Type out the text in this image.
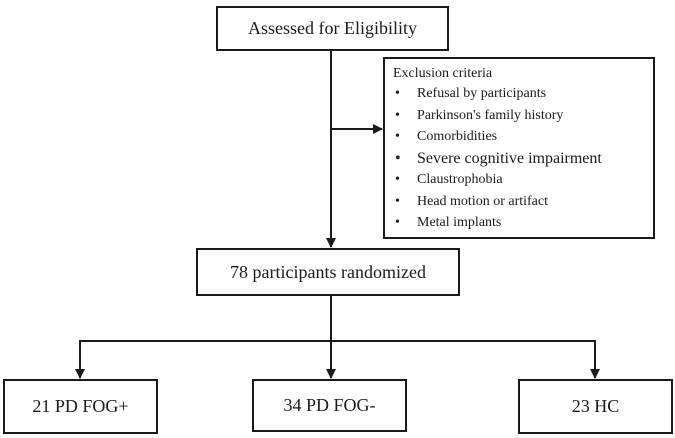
Assessed for Eligibility
Exclusion criteria
• Refusal by participants
• Parkinson's family history
• Comorbidities
• Severe cognitive impairment
• Claustrophobia
• Head motion or artifact
• Metal implants
78 participants randomized
21 PD FOG+	34 PD FOG-	23 HC
